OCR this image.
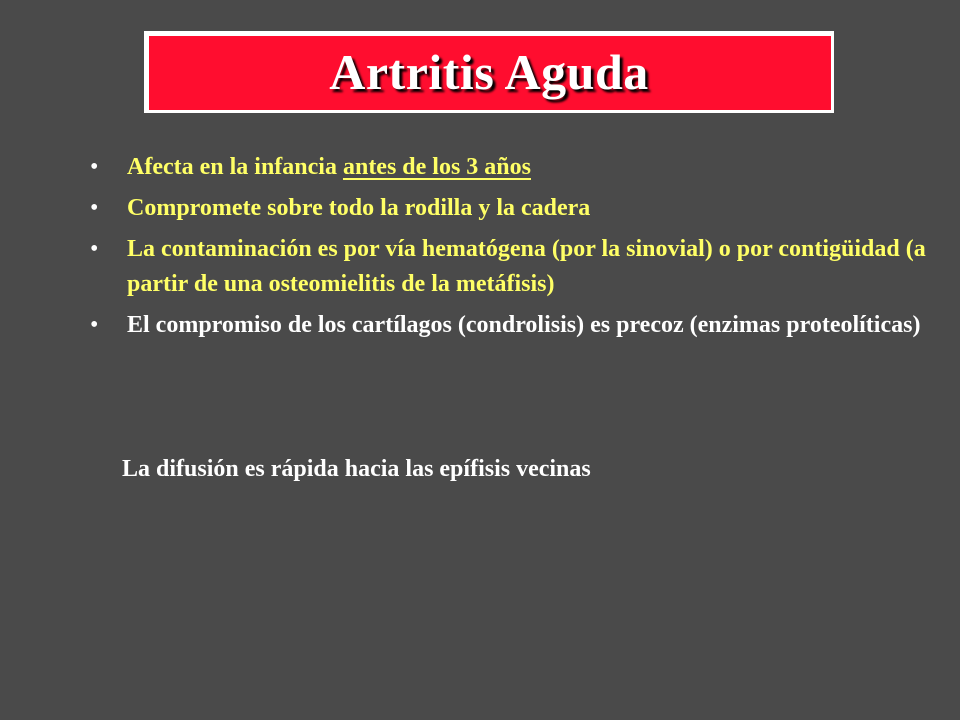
Artritis Aguda
•	Afecta en la infancia antes de los 3 años
•	Compromete sobre todo la rodilla y la cadera
•	La contaminación es por vía hematógena (por la sinovial) o por contigüidad (a partir de una osteomielitis de la metáfisis)
•	El compromiso de los cartílagos (condrolisis) es precoz (enzimas proteolíticas)
La difusión es rápida hacia las epífisis vecinas
